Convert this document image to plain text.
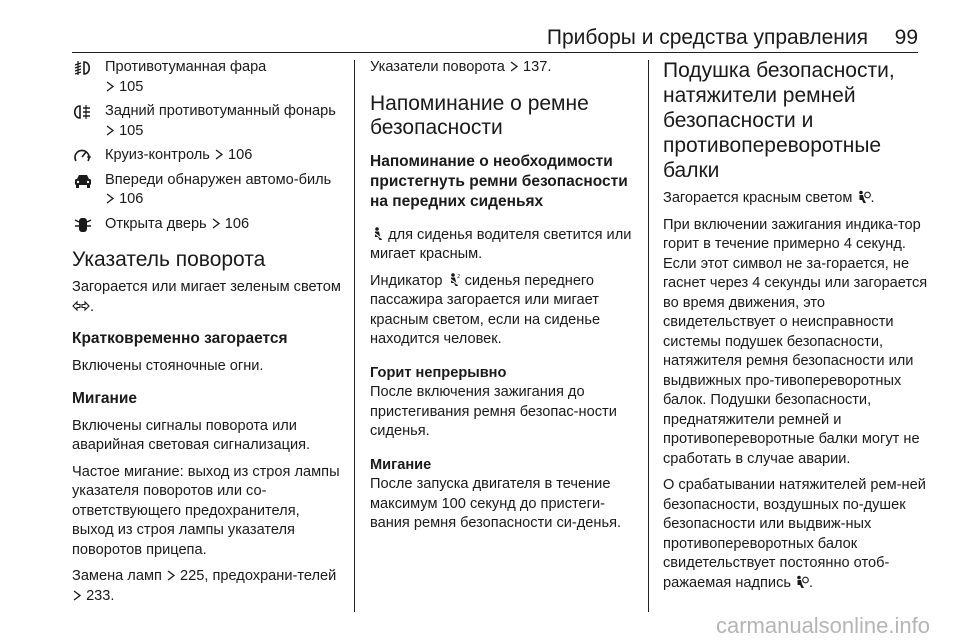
Приборы и средства управления 99
Противотуманная фара

105
Задний противотуманный фонарь
105
Круиз-контроль 106
Впереди обнаружен автомо-биль
106
Открыта дверь 106
Указатель поворота

Загорается или мигает зеленым светом
.

Кратковременно загорается

Включены стояночные огни.

Мигание

Включены сигналы поворота или аварийная световая сигнализация.

Частое мигание: выход из строя лампы указателя поворотов или со-ответствующего предохранителя, выход из строя лампы указателя поворотов прицепа.

Замена ламп 225, предохрани-телей
233.

Указатели поворота 137.

Напоминание о ремне безопасности
Напоминание о необходимости пристегнуть ремни безопасности на передних сиденьях

для сиденья водителя светится или мигает красным.

Индикатор	2 сиденья переднего пассажира загорается или мигает красным светом, если на сиденье находится человек.

Горит непрерывно

После включения зажигания до пристегивания ремня безопас-ности сиденья.

Мигание

После запуска двигателя в течение максимум 100 секунд до пристеги-вания ремня безопасности си-денья.

Подушка безопасности, натяжители ремней безопасности и противопереворотные балки

Загорается красным светом .

При включении зажигания индика-тор горит в течение примерно 4 секунд. Если этот символ не за-горается, не гаснет через 4 секунды или загорается во время движения, это свидетельствует о неисправности системы подушек безопасности, натяжителя ремня безопасности или выдвижных про-тивопереворотных балок. Подушки безопасности, преднатяжители ремней и противопереворотные балки могут не сработать в случае аварии.

О срабатывании натяжителей рем-ней безопасности, воздушных по-душек безопасности или выдвиж-ных противопереворотных балок свидетельствует постоянно отоб-ражаемая надпись .

carmanualsonline.info
